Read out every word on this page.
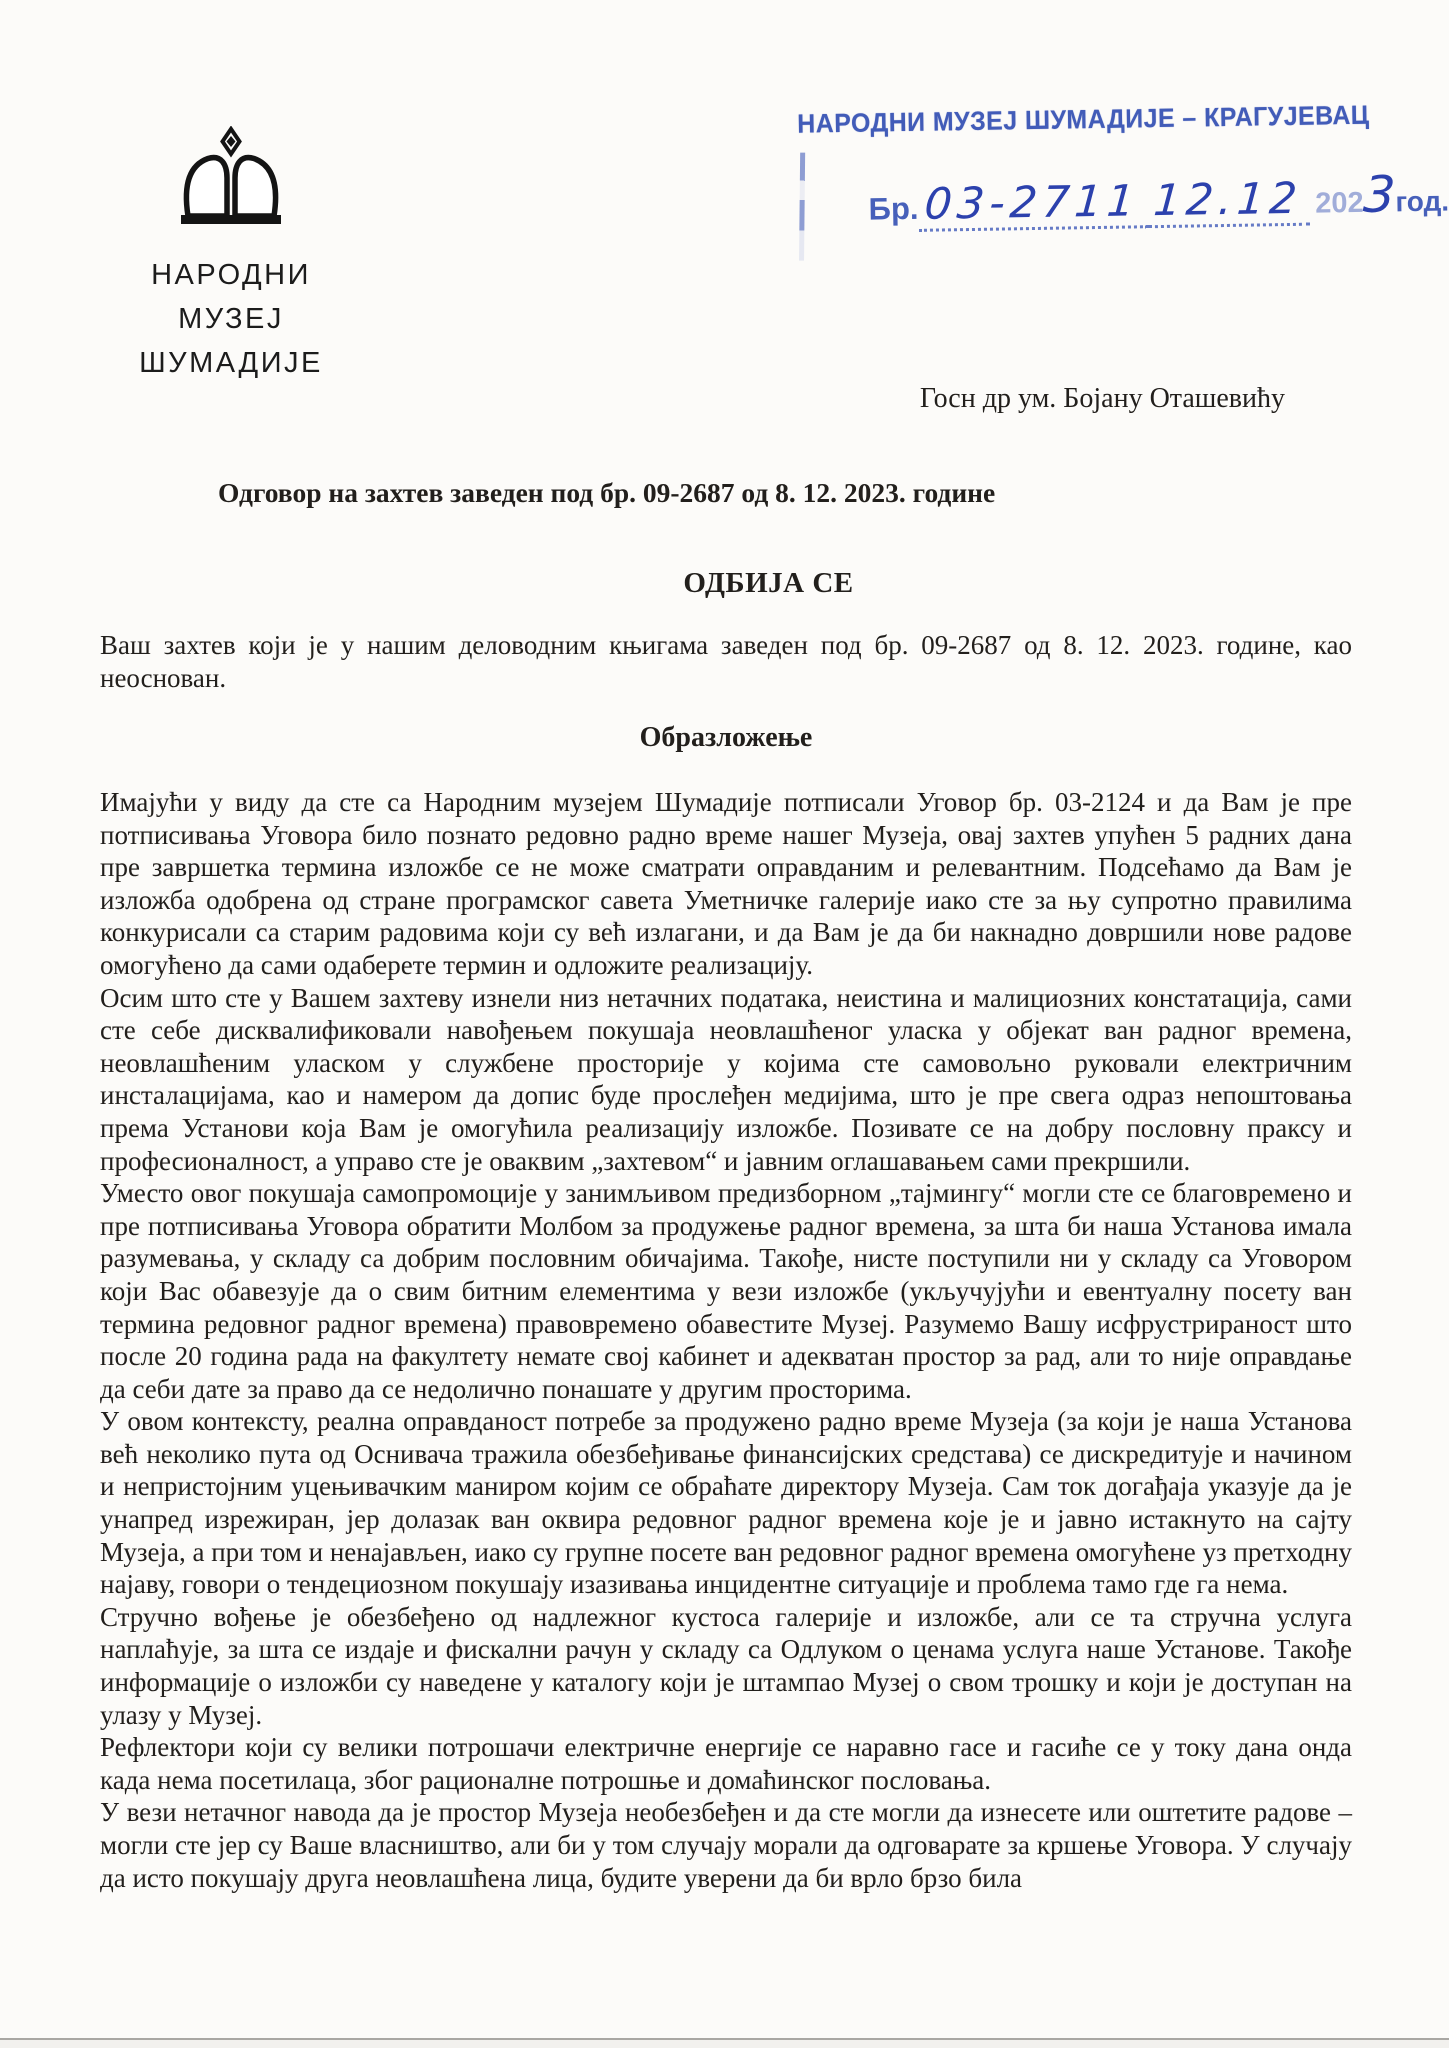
НАРОДНИ МУЗЕЈ
ШУМАДИЈЕ
НАРОДНИ МУЗЕЈ ШУМАДИЈЕ – КРАГУЈЕВАЦ
Бр. 03-2711 12.12 202
3
год.
Госн др ум. Бојану Оташевићу
Одговор на захтев заведен под бр. 09-2687 од 8. 12. 2023. године
ОДБИЈА СЕ
Ваш захтев који је у нашим деловодним књигама заведен под бр. 09-2687 од 8. 12. 2023. године, као неоснован.
Образложење

Имајући у виду да сте са Народним музејем Шумадије потписали Уговор бр. 03-2124 и да Вам је пре потписивања Уговора било познато редовно радно време нашег Музеја, овај захтев упућен 5 радних дана пре завршетка термина изложбе се не може сматрати оправданим и релевантним. Подсећамо да Вам је изложба одобрена од стране програмског савета Уметничке галерије иако сте за њу супротно правилима конкурисали са старим радовима који су већ излагани, и да Вам је да би накнадно довршили нове радове омогућено да сами одаберете термин и одложите реализацију.

Осим што сте у Вашем захтеву изнели низ нетачних података, неистина и малициозних констатација, сами сте себе дисквалификовали навођењем покушаја неовлашћеног уласка у објекат ван радног времена, неовлашћеним уласком у службене просторије у којима сте самовољно руковали електричним инсталацијама, као и намером да допис буде прослеђен медијима, што је пре свега одраз непоштовања према Установи која Вам је омогућила реализацију изложбе. Позивате се на добру пословну праксу и професионалност, а управо сте је оваквим „захтевом“ и јавним оглашавањем сами прекршили.

Уместо овог покушаја самопромоције у занимљивом предизборном „тајмингу“ могли сте се благовремено и пре потписивања Уговора обратити Молбом за продужење радног времена, за шта би наша Установа имала разумевања, у складу са добрим пословним обичајима. Такође, нисте поступили ни у складу са Уговором који Вас обавезује да о свим битним елементима у вези изложбе (укључујући и евентуалну посету ван термина редовног радног времена) правовремено обавестите Музеј. Разумемо Вашу исфрустрираност што после 20 година рада на факултету немате свој кабинет и адекватан простор за рад, али то није оправдање да себи дате за право да се недолично понашате у другим просторима.

У овом контексту, реална оправданост потребе за продужено радно време Музеја (за који је наша Установа већ неколико пута од Оснивача тражила обезбеђивање финансијских средстава) се дискредитује и начином и непристојним уцењивачким маниром којим се обраћате директору Музеја. Сам ток догађаја указује да је унапред изрежиран, јер долазак ван оквира редовног радног времена које је и јавно истакнуто на сајту Музеја, а при том и ненајављен, иако су групне посете ван редовног радног времена омогућене уз претходну најаву, говори о тендециозном покушају изазивања инцидентне ситуације и проблема тамо где га нема.

Стручно вођење је обезбеђено од надлежног кустоса галерије и изложбе, али се та стручна услуга наплаћује, за шта се издаје и фискални рачун у складу са Одлуком о ценама услуга наше Установе. Такође информације о изложби су наведене у каталогу који је штампао Музеј о свом трошку и који је доступан на улазу у Музеј.

Рефлектори који су велики потрошачи електричне енергије се наравно гасе и гасиће се у току дана онда када нема посетилаца, због рационалне потрошње и домаћинског пословања.

У вези нетачног навода да је простор Музеја необезбеђен и да сте могли да изнесете или оштетите радове – могли сте јер су Ваше власништво, али би у том случају морали да одговарате за кршење Уговора. У случају да исто покушају друга неовлашћена лица, будите уверени да би врло брзо била
